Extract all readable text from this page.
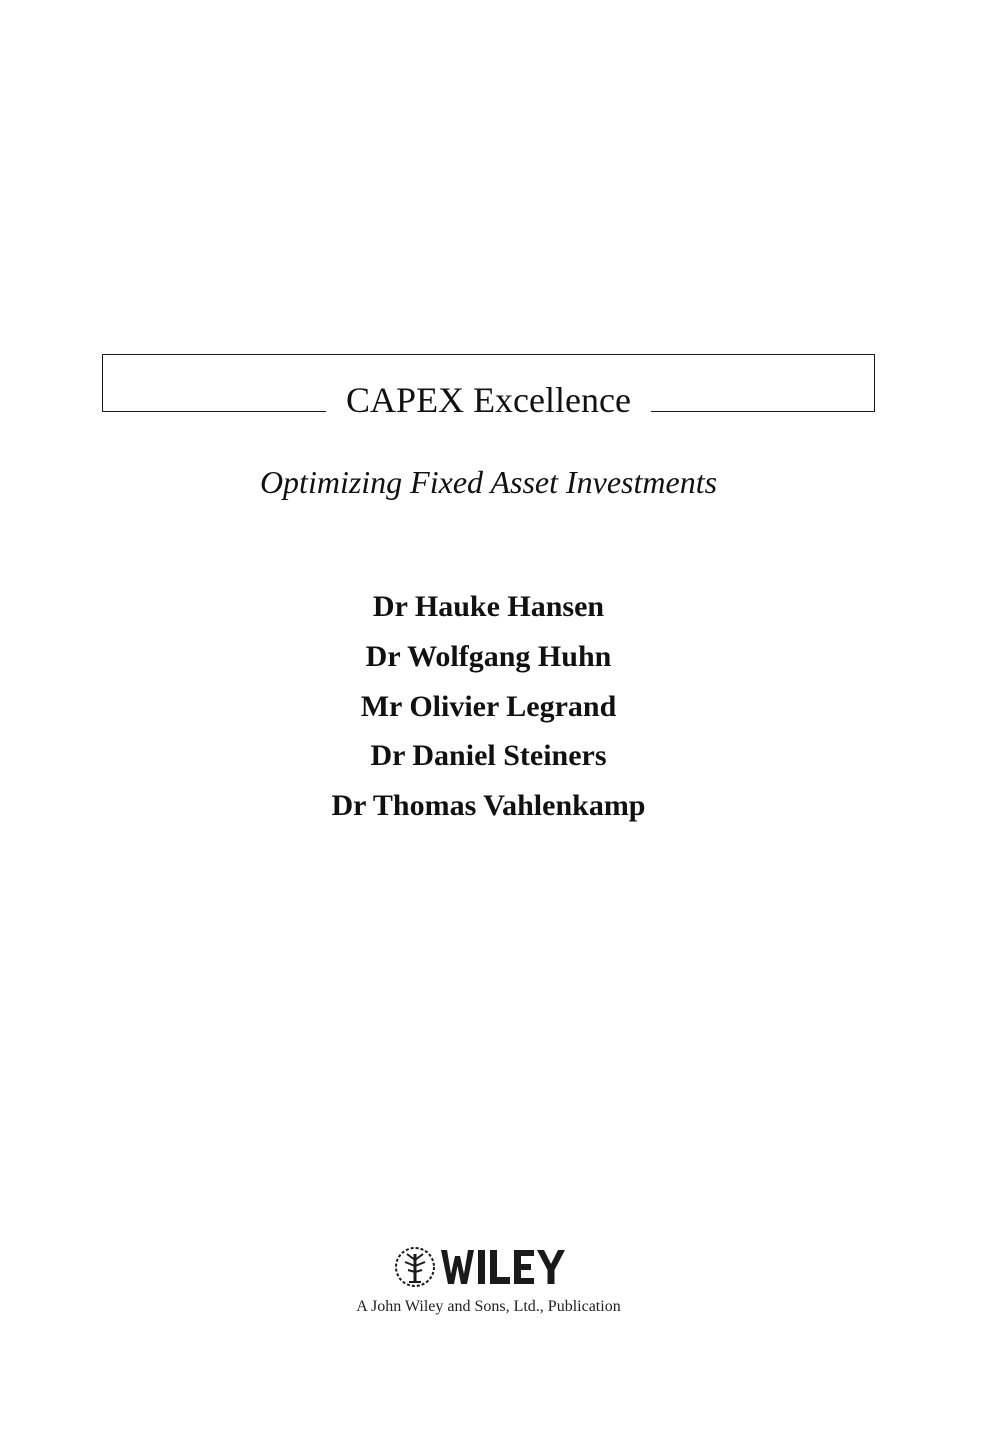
CAPEX Excellence
Optimizing Fixed Asset Investments
Dr Hauke Hansen
Dr Wolfgang Huhn
Mr Olivier Legrand
Dr Daniel Steiners
Dr Thomas Vahlenkamp
A John Wiley and Sons, Ltd., Publication
